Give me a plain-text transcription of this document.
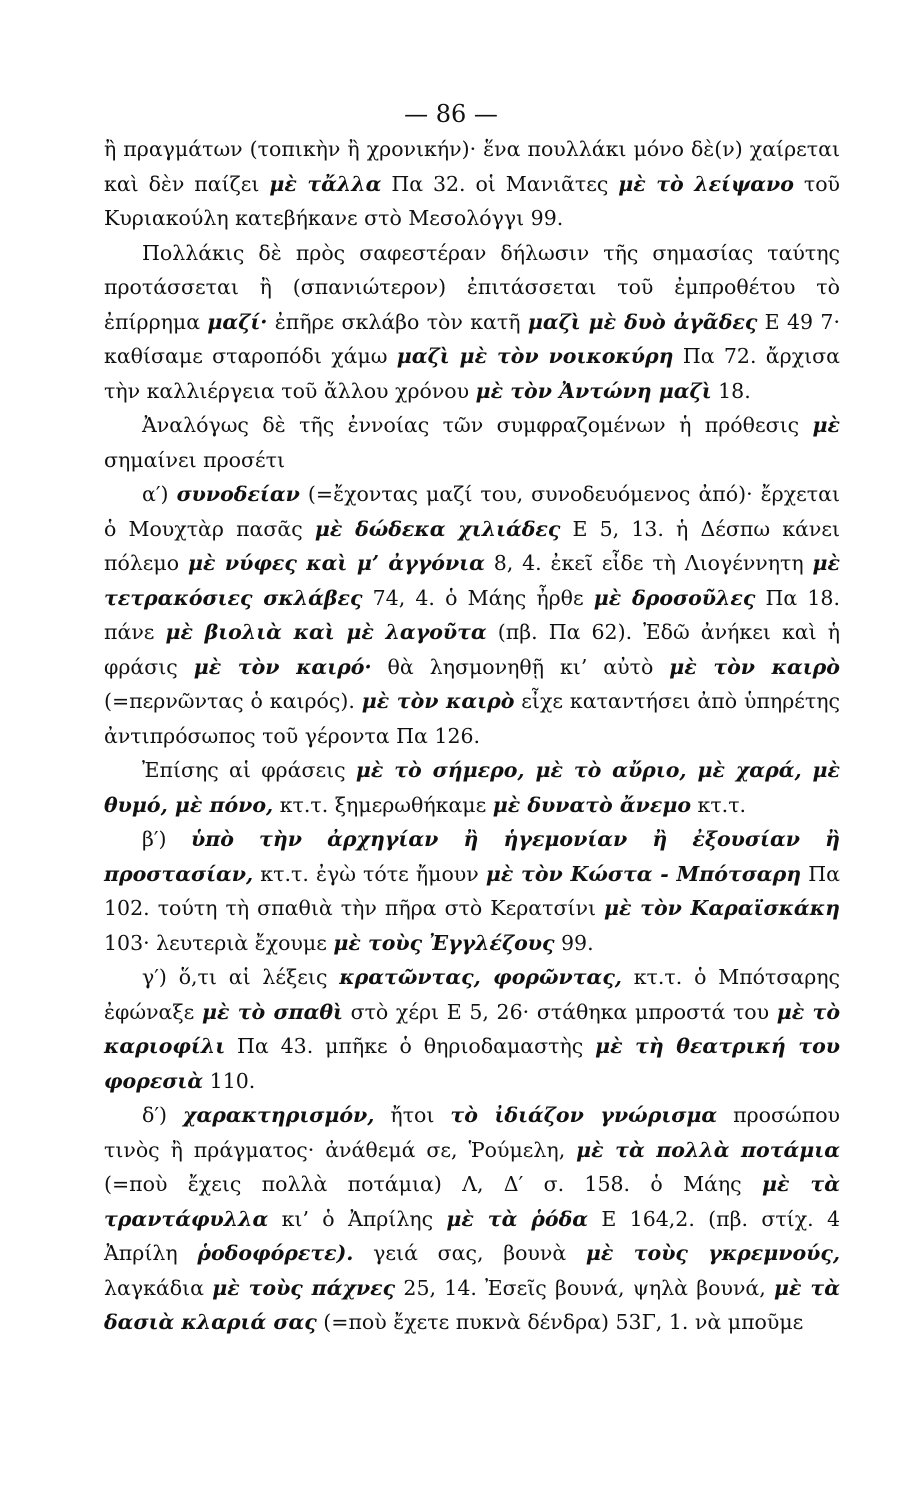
— 86 —

ἢ πραγμάτων (τοπικὴν ἢ χρονικήν)· ἕνα πουλλάκι μόνο δὲ(ν) χαίρεται καὶ δὲν παίζει μὲ τἄλλα Πα 32. οἱ Μανιᾶτες μὲ τὸ λείψανο τοῦ Κυριακούλη κατεβήκανε στὸ Μεσολόγγι 99.

Πολλάκις δὲ πρὸς σαφεστέραν δήλωσιν τῆς σημασίας ταύτης προτάσσεται ἢ (σπανιώτερον) ἐπιτάσσεται τοῦ ἐμπροθέτου τὸ ἐπίρρημα μαζί· ἐπῆρε σκλάβο τὸν κατῆ μαζὶ μὲ δυὸ ἀγᾶδες Ε 49 7· καθίσαμε σταροπόδι χάμω μαζὶ μὲ τὸν νοικοκύρη Πα 72. ἄρχισα τὴν καλλιέργεια τοῦ ἄλλου χρόνου μὲ τὸν Ἀντώνη μαζὶ 18.

Ἀναλόγως δὲ τῆς ἐννοίας τῶν συμφραζομένων ἡ πρόθεσις μὲ σημαίνει προσέτι

α′) συνοδείαν (=ἔχοντας μαζί του, συνοδευόμενος ἀπό)· ἔρχεται ὁ Μουχτὰρ πασᾶς μὲ δώδεκα χιλιάδες Ε 5, 13. ἡ Δέσπω κάνει πόλεμο μὲ νύφες καὶ μ’ ἀγγόνια 8, 4. ἐκεῖ εἶδε τὴ Λιογέννητη μὲ τετρακόσιες σκλάβες 74, 4. ὁ Μάης ἦρθε μὲ δροσοῦλες Πα 18. πάνε μὲ βιολιὰ καὶ μὲ λαγοῦτα (πβ. Πα 62). Ἐδῶ ἀνήκει καὶ ἡ φράσις μὲ τὸν καιρό· θὰ λησμονηθῇ κι’ αὐτὸ μὲ τὸν καιρὸ (=περνῶντας ὁ καιρός). μὲ τὸν καιρὸ εἶχε καταντήσει ἀπὸ ὑπηρέτης ἀντιπρόσωπος τοῦ γέροντα Πα 126.

Ἐπίσης αἱ φράσεις μὲ τὸ σήμερο, μὲ τὸ αὔριο, μὲ χαρά, μὲ θυμό, μὲ πόνο, κτ.τ. ξημερωθήκαμε μὲ δυνατὸ ἄνεμο κτ.τ.

β′) ὑπὸ τὴν ἀρχηγίαν ἢ ἡγεμονίαν ἢ ἐξουσίαν ἢ προστασίαν, κτ.τ. ἐγὼ τότε ἤμουν μὲ τὸν Κώστα - Μπότσαρη Πα 102. τούτη τὴ σπαθιὰ τὴν πῆρα στὸ Κερατσίνι μὲ τὸν Καραϊσκάκη 103· λευτεριὰ ἔχουμε μὲ τοὺς Ἐγγλέζους 99.

γ′) ὅ,τι αἱ λέξεις κρατῶντας, φορῶντας, κτ.τ. ὁ Μπότσαρης ἐφώναξε μὲ τὸ σπαθὶ στὸ χέρι Ε 5, 26· στάθηκα μπροστά του μὲ τὸ καριοφίλι Πα 43. μπῆκε ὁ θηριοδαμαστὴς μὲ τὴ θεατρική του φορεσιὰ 110.

δ′) χαρακτηρισμόν, ἤτοι τὸ ἰδιάζον γνώρισμα προσώπου τινὸς ἢ πράγματος· ἀνάθεμά σε, Ῥούμελη, μὲ τὰ πολλὰ ποτάμια (=ποὺ ἔχεις πολλὰ ποτάμια) Λ, Δ′ σ. 158. ὁ Μάης μὲ τὰ τραντάφυλλα κι’ ὁ Ἀπρίλης μὲ τὰ ῥόδα Ε 164,2. (πβ. στίχ. 4 Ἀπρίλη ῥοδοφόρετε). γειά σας, βουνὰ μὲ τοὺς γκρεμνούς, λαγκάδια μὲ τοὺς πάχνες 25, 14. Ἐσεῖς βουνά, ψηλὰ βουνά, μὲ τὰ δασιὰ κλαριά σας (=ποὺ ἔχετε πυκνὰ δένδρα) 53Γ, 1. νὰ μποῦμε
